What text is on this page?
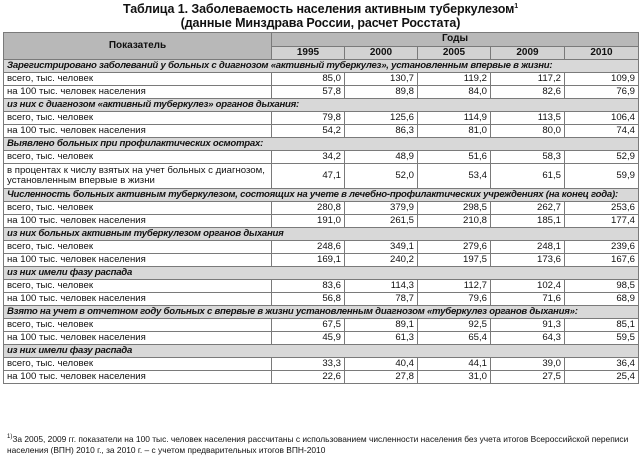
Таблица 1. Заболеваемость населения активным туберкулезом$^1$
(данные Минздрава России, расчет Росстата)
Показатель	Годы				
	1995	2000	2005	2009	2010
Зарегистрировано заболеваний у больных с диагнозом «активный туберкулез», установленным впервые в жизни:					
всего, тыс. человек	85,0	130,7	119,2	117,2	109,9
на 100 тыс. человек населения	57,8	89,8	84,0	82,6	76,9
из них с диагнозом «активный туберкулез» органов дыхания:					
всего, тыс. человек	79,8	125,6	114,9	113,5	106,4
на 100 тыс. человек населения	54,2	86,3	81,0	80,0	74,4
Выявлено больных при профилактических осмотрах:					
всего, тыс. человек	34,2	48,9	51,6	58,3	52,9
в процентах к числу взятых на учет больных с диагнозом, установленным впервые в жизни	47,1	52,0	53,4	61,5	59,9
Численность больных активным туберкулезом, состоящих на учете в лечебно-профилактических учреждениях (на конец года):					
всего, тыс. человек	280,8	379,9	298,5	262,7	253,6
на 100 тыс. человек населения	191,0	261,5	210,8	185,1	177,4
из них больных активным туберкулезом органов дыхания					
всего, тыс. человек	248,6	349,1	279,6	248,1	239,6
на 100 тыс. человек населения	169,1	240,2	197,5	173,6	167,6
из них имели фазу распада					
всего, тыс. человек	83,6	114,3	112,7	102,4	98,5
на 100 тыс. человек населения	56,8	78,7	79,6	71,6	68,9
Взято на учет в отчетном году больных с впервые в жизни установленным диагнозом «туберкулез органов дыхания»:					
всего, тыс. человек	67,5	89,1	92,5	91,3	85,1
на 100 тыс. человек населения	45,9	61,3	65,4	64,3	59,5
из них имели фазу распада					
всего, тыс. человек	33,3	40,4	44,1	39,0	36,4
на 100 тыс. человек населения	22,6	27,8	31,0	27,5	25,4
$^{1)}$За 2005, 2009 гг. показатели на 100 тыс. человек населения рассчитаны с использованием численности населения без учета итогов Всероссийской переписи населения (ВПН) 2010 г., за 2010 г. – с учетом предварительных итогов ВПН-2010
